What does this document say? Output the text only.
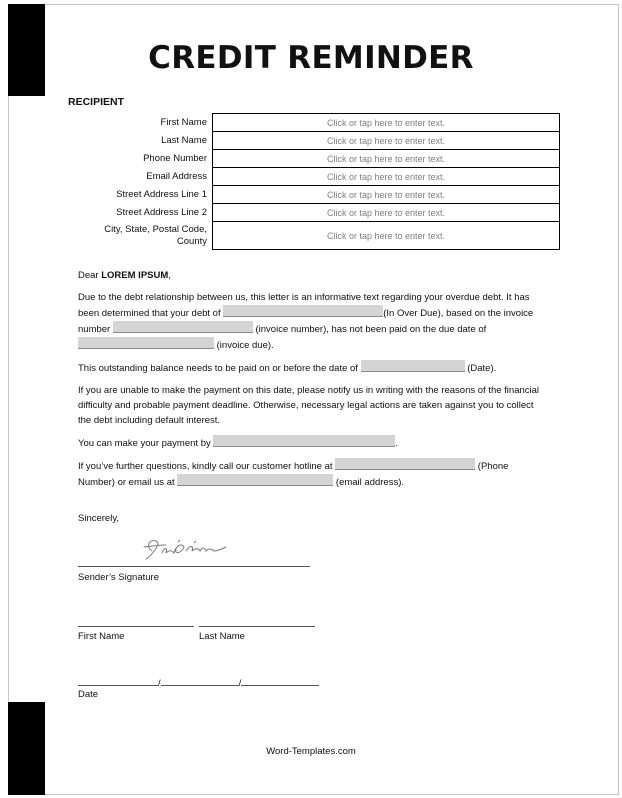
CREDIT REMINDER
RECIPIENT
First Name	Click or tap here to enter text.
Last Name	Click or tap here to enter text.
Phone Number	Click or tap here to enter text.
Email Address	Click or tap here to enter text.
Street Address Line 1	Click or tap here to enter text.
Street Address Line 2	Click or tap here to enter text.
City, State, Postal Code, County	Click or tap here to enter text.

Dear LOREM IPSUM,

Due to the debt relationship between us, this letter is an informative text regarding your overdue debt. It has been determined that your debt of	(In Over Due), based on the invoice number	(invoice number), has not been paid on the due date of  (invoice due).

This outstanding balance needs to be paid on or before the date of	(Date).

If you are unable to make the payment on this date, please notify us in writing with the reasons of the financial difficulty and probable payment deadline. Otherwise, necessary legal actions are taken against you to collect the debt including default interest.

You can make your payment by	.

If you’ve further questions, kindly call our customer hotline at	(Phone Number) or email us at	(email address).

Sincerely,
Sender’s Signature
First Name	Last Name
/	/
Date
Word-Templates.com
